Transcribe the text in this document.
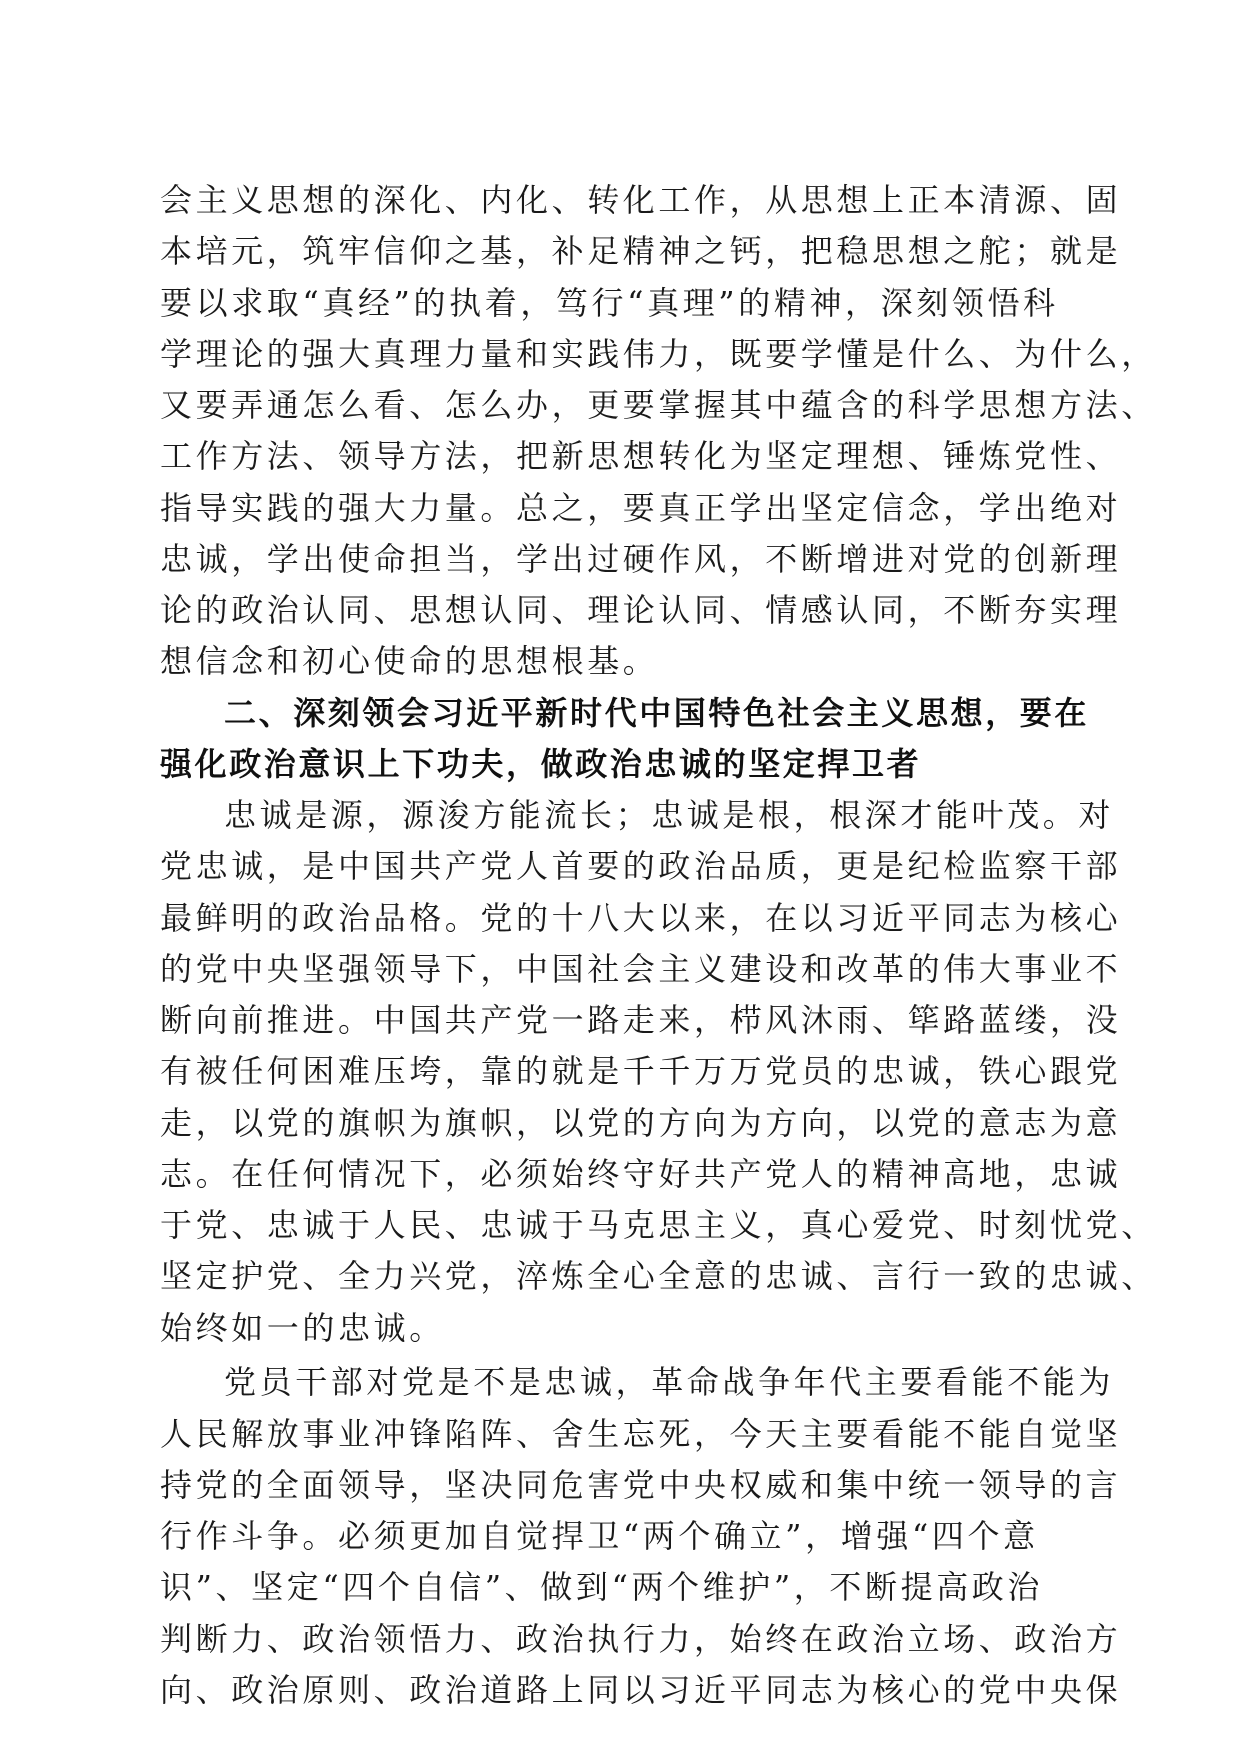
会主义思想的深化、内化、转化工作，从思想上正本清源、固
本培元，筑牢信仰之基，补足精神之钙，把稳思想之舵；就是
要以求取“真经”的执着，笃行“真理”的精神，深刻领悟科
学理论的强大真理力量和实践伟力，既要学懂是什么、为什么，
又要弄通怎么看、怎么办，更要掌握其中蕴含的科学思想方法、
工作方法、领导方法，把新思想转化为坚定理想、锤炼党性、
指导实践的强大力量。总之，要真正学出坚定信念，学出绝对
忠诚，学出使命担当，学出过硬作风，不断增进对党的创新理
论的政治认同、思想认同、理论认同、情感认同，不断夯实理
想信念和初心使命的思想根基。
二、深刻领会习近平新时代中国特色社会主义思想，要在
强化政治意识上下功夫，做政治忠诚的坚定捍卫者
忠诚是源，源浚方能流长；忠诚是根，根深才能叶茂。对
党忠诚，是中国共产党人首要的政治品质，更是纪检监察干部
最鲜明的政治品格。党的十八大以来，在以习近平同志为核心
的党中央坚强领导下，中国社会主义建设和改革的伟大事业不
断向前推进。中国共产党一路走来，栉风沐雨、筚路蓝缕，没
有被任何困难压垮，靠的就是千千万万党员的忠诚，铁心跟党
走，以党的旗帜为旗帜，以党的方向为方向，以党的意志为意
志。在任何情况下，必须始终守好共产党人的精神高地，忠诚
于党、忠诚于人民、忠诚于马克思主义，真心爱党、时刻忧党、
坚定护党、全力兴党，淬炼全心全意的忠诚、言行一致的忠诚、
始终如一的忠诚。
党员干部对党是不是忠诚，革命战争年代主要看能不能为
人民解放事业冲锋陷阵、舍生忘死，今天主要看能不能自觉坚
持党的全面领导，坚决同危害党中央权威和集中统一领导的言
行作斗争。必须更加自觉捍卫“两个确立”，增强“四个意
识”、坚定“四个自信”、做到“两个维护”，不断提高政治
判断力、政治领悟力、政治执行力，始终在政治立场、政治方
向、政治原则、政治道路上同以习近平同志为核心的党中央保
